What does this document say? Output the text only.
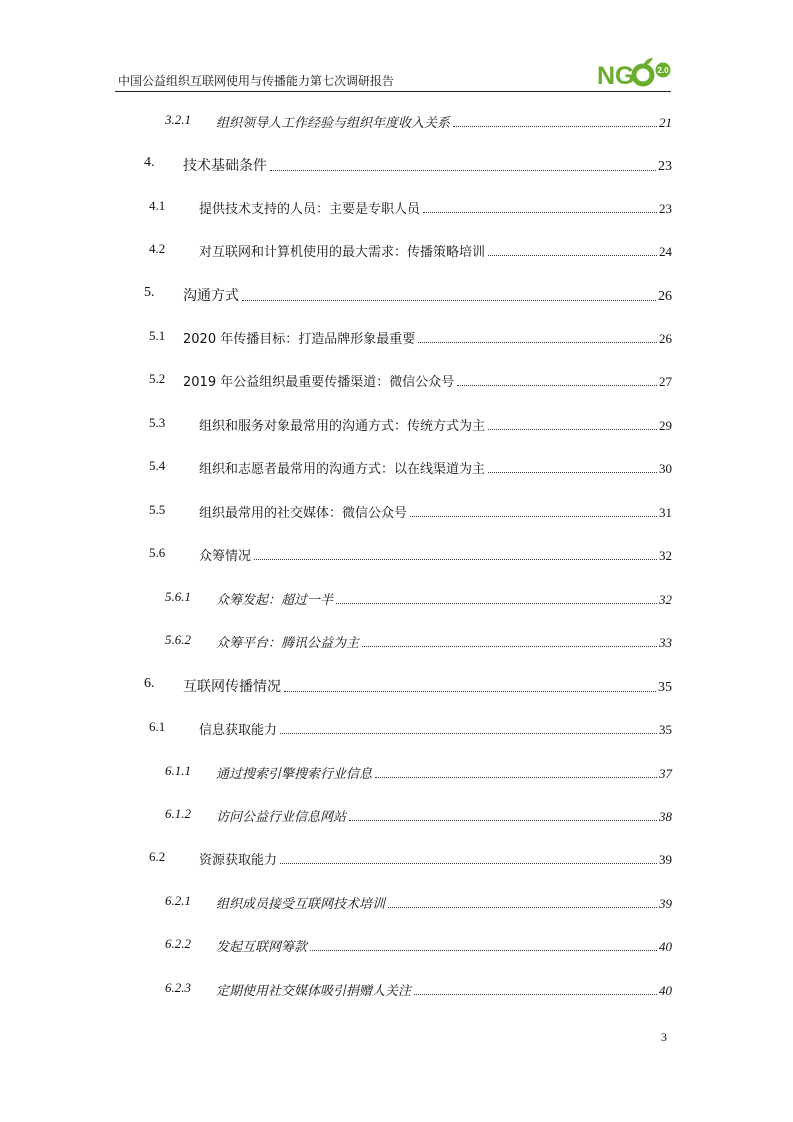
中国公益组织互联网使用与传播能力第七次调研报告	NG	2.0
3.2.1 组织领导人工作经验与组织年度收入关系	21
4. 技术基础条件	23
4.1	提供技术支持的人员：主要是专职人员	23
4.2	对互联网和计算机使用的最大需求：传播策略培训	24
5. 沟通方式	26
5.1 2020 年传播目标：打造品牌形象最重要	26
5.2 2019 年公益组织最重要传播渠道：微信公众号	27
5.3	组织和服务对象最常用的沟通方式：传统方式为主	29
5.4	组织和志愿者最常用的沟通方式：以在线渠道为主	30
5.5	组织最常用的社交媒体：微信公众号	31
5.6	众筹情况	32
5.6.1 众筹发起：超过一半	32
5.6.2 众筹平台：腾讯公益为主	33
6. 互联网传播情况	35
6.1	信息获取能力	35
6.1.1 通过搜索引擎搜索行业信息	37
6.1.2 访问公益行业信息网站	38
6.2	资源获取能力	39
6.2.1 组织成员接受互联网技术培训	39
6.2.2 发起互联网筹款	40
6.2.3 定期使用社交媒体吸引捐赠人关注	40
3
